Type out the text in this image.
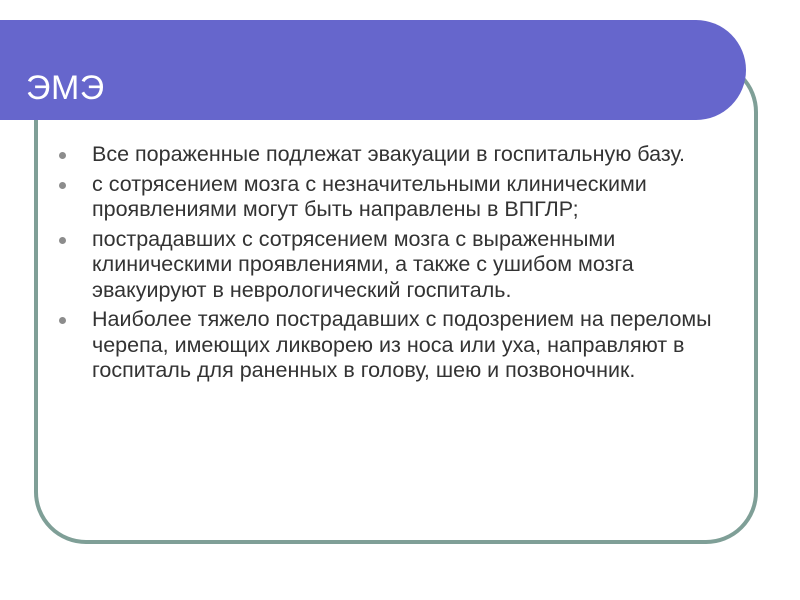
ЭМЭ
Все пораженные подлежат эвакуации в госпитальную базу.
с сотрясением мозга с незначительными клиническими проявлениями могут быть направлены в ВПГЛР;
пострадавших с сотрясением мозга с выраженными клиническими проявлениями, а также с ушибом мозга эвакуируют в неврологический госпиталь.
Наиболее тяжело пострадавших с подозрением на переломы черепа, имеющих ликворею из носа или уха, направляют в госпиталь для раненных в голову, шею и позвоночник.
